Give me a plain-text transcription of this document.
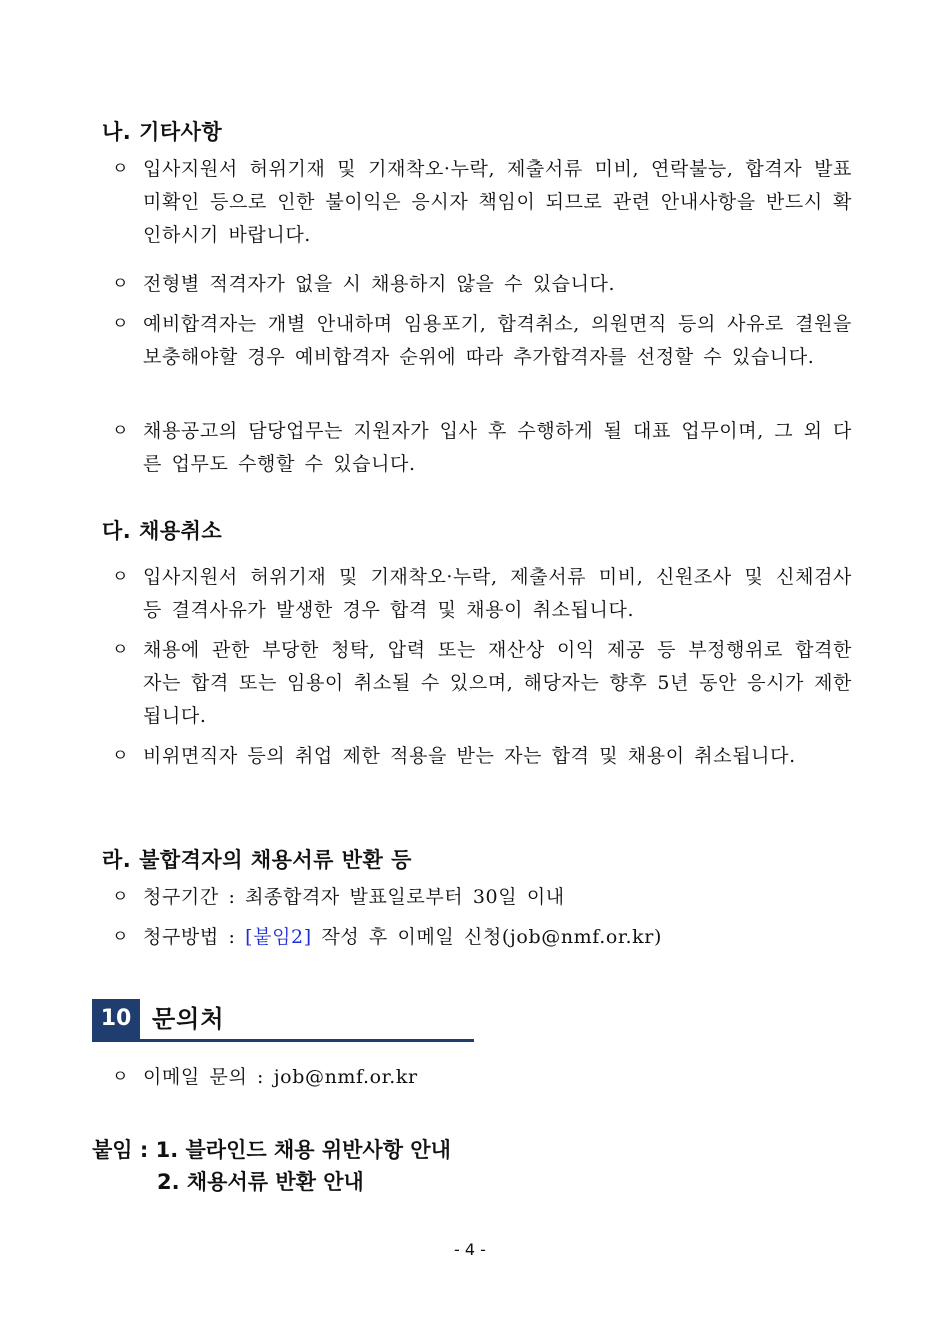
나. 기타사항
ㅇ 입사지원서 허위기재 및 기재착오·누락, 제출서류 미비, 연락불능, 합격자 발표 미확인 등으로 인한 불이익은 응시자 책임이 되므로 관련 안내사항을 반드시 확인하시기 바랍니다.
ㅇ 전형별 적격자가 없을 시 채용하지 않을 수 있습니다.
ㅇ 예비합격자는 개별 안내하며 임용포기, 합격취소, 의원면직 등의 사유로 결원을 보충해야할 경우 예비합격자 순위에 따라 추가합격자를 선정할 수 있습니다.
ㅇ 채용공고의 담당업무는 지원자가 입사 후 수행하게 될 대표 업무이며, 그 외 다른 업무도 수행할 수 있습니다.
다. 채용취소
ㅇ 입사지원서 허위기재 및 기재착오·누락, 제출서류 미비, 신원조사 및 신체검사 등 결격사유가 발생한 경우 합격 및 채용이 취소됩니다.
ㅇ 채용에 관한 부당한 청탁, 압력 또는 재산상 이익 제공 등 부정행위로 합격한 자는 합격 또는 임용이 취소될 수 있으며, 해당자는 향후 5년 동안 응시가 제한됩니다.
ㅇ 비위면직자 등의 취업 제한 적용을 받는 자는 합격 및 채용이 취소됩니다.
라. 불합격자의 채용서류 반환 등
ㅇ 청구기간 : 최종합격자 발표일로부터 30일 이내
ㅇ 청구방법 : [붙임2] 작성 후 이메일 신청(job@nmf.or.kr)
10 문의처
ㅇ 이메일 문의 : job@nmf.or.kr
붙임 : 1. 블라인드 채용 위반사항 안내
2. 채용서류 반환 안내
- 4 -
